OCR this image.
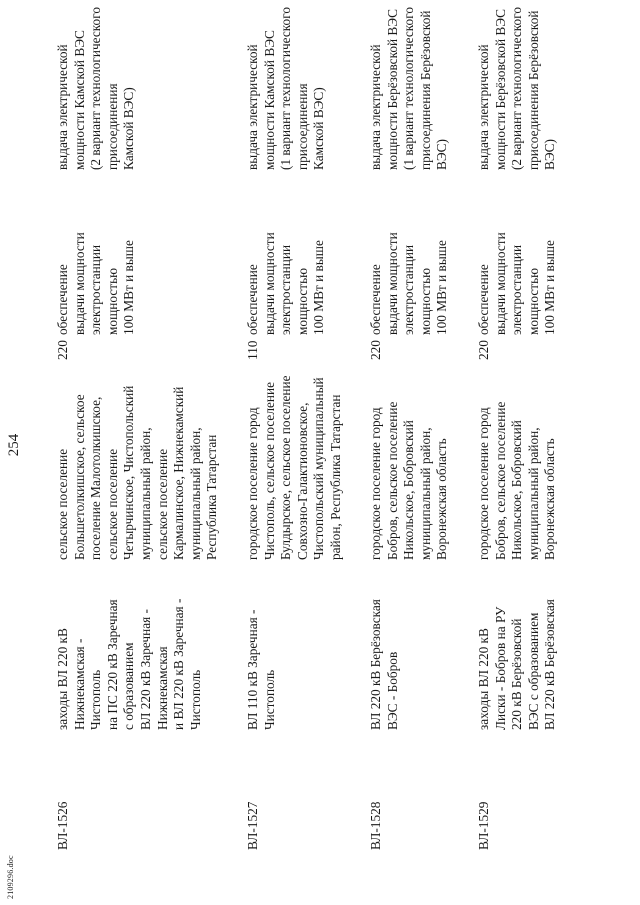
254
ВЛ-1526
заходы ВЛ 220 кВ
Нижнекамская -
Чистополь
на ПС 220 кВ Заречная
с образованием
ВЛ 220 кВ Заречная -
Нижнекамская
и ВЛ 220 кВ Заречная -
Чистополь
сельское поселение
Большетолкишское, сельское
поселение Малотолкишское,
сельское поселение
Четырчинское, Чистопольский
муниципальный район,
сельское поселение
Кармалинское, Нижнекамский
муниципальный район,
Республика Татарстан
220
обеспечение
выдачи мощности
электростанции
мощностью
100 МВт и выше
выдача электрической
мощности Камской ВЭС
(2 вариант технологического
присоединения
Камской ВЭС)
ВЛ-1527
ВЛ 110 кВ Заречная -
Чистополь
городское поселение город
Чистополь, сельское поселение
Булдырское, сельское поселение
Совхозно-Галактионовское,
Чистопольский муниципальный
район, Республика Татарстан
110
обеспечение
выдачи мощности
электростанции
мощностью
100 МВт и выше
выдача электрической
мощности Камской ВЭС
(1 вариант технологического
присоединения
Камской ВЭС)
ВЛ-1528
ВЛ 220 кВ Берёзовская
ВЭС - Бобров
городское поселение город
Бобров, сельское поселение
Никольское, Бобровский
муниципальный район,
Воронежская область
220
обеспечение
выдачи мощности
электростанции
мощностью
100 МВт и выше
выдача электрической
мощности Берёзовской ВЭС
(1 вариант технологического
присоединения Берёзовской
ВЭС)
ВЛ-1529
заходы ВЛ 220 кВ
Лиски - Бобров на РУ
220 кВ Берёзовской
ВЭС с образованием
ВЛ 220 кВ Берёзовская
городское поселение город
Бобров, сельское поселение
Никольское, Бобровский
муниципальный район,
Воронежская область
220
обеспечение
выдачи мощности
электростанции
мощностью
100 МВт и выше
выдача электрической
мощности Берёзовской ВЭС
(2 вариант технологического
присоединения Берёзовской
ВЭС)
2109296.doc
